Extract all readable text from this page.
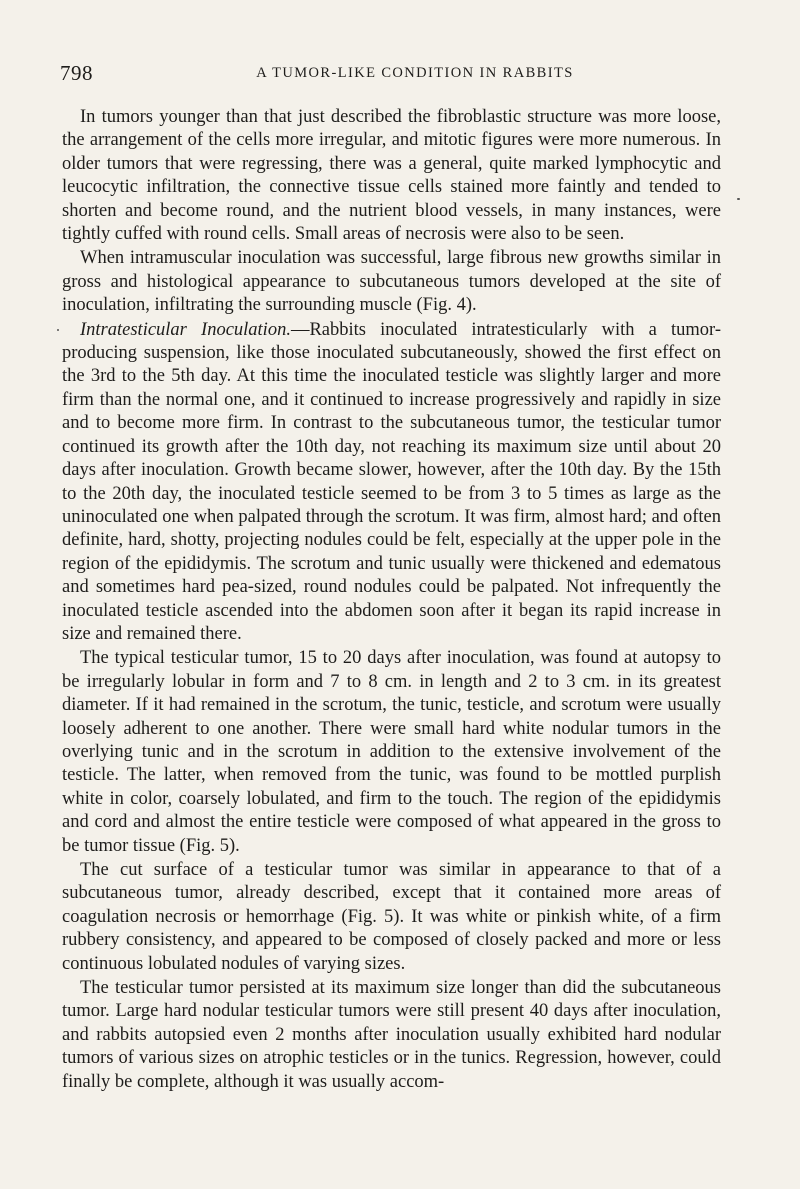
798	A TUMOR-LIKE CONDITION IN RABBITS

In tumors younger than that just described the fibroblastic structure was more loose, the arrangement of the cells more irregular, and mitotic figures were more numerous. In older tumors that were regressing, there was a general, quite marked lymphocytic and leucocytic infiltration, the connective tissue cells stained more faintly and tended to shorten and become round, and the nutrient blood vessels, in many instances, were tightly cuffed with round cells. Small areas of necrosis were also to be seen.

When intramuscular inoculation was successful, large fibrous new growths similar in gross and histological appearance to subcutaneous tumors developed at the site of inoculation, infiltrating the surrounding muscle (Fig. 4).

Intratesticular Inoculation.—Rabbits inoculated intratesticularly with a tumor-producing suspension, like those inoculated subcutaneously, showed the first effect on the 3rd to the 5th day. At this time the inoculated testicle was slightly larger and more firm than the normal one, and it continued to increase progressively and rapidly in size and to become more firm. In contrast to the subcutaneous tumor, the testicular tumor continued its growth after the 10th day, not reaching its maximum size until about 20 days after inoculation. Growth became slower, however, after the 10th day. By the 15th to the 20th day, the inoculated testicle seemed to be from 3 to 5 times as large as the uninoculated one when palpated through the scrotum. It was firm, almost hard; and often definite, hard, shotty, projecting nodules could be felt, especially at the upper pole in the region of the epididymis. The scrotum and tunic usually were thickened and edematous and sometimes hard pea-sized, round nodules could be palpated. Not infrequently the inoculated testicle ascended into the abdomen soon after it began its rapid increase in size and remained there.

The typical testicular tumor, 15 to 20 days after inoculation, was found at autopsy to be irregularly lobular in form and 7 to 8 cm. in length and 2 to 3 cm. in its greatest diameter. If it had remained in the scrotum, the tunic, testicle, and scrotum were usually loosely adherent to one another. There were small hard white nodular tumors in the overlying tunic and in the scrotum in addition to the extensive involvement of the testicle. The latter, when removed from the tunic, was found to be mottled purplish white in color, coarsely lobulated, and firm to the touch. The region of the epididymis and cord and almost the entire testicle were composed of what appeared in the gross to be tumor tissue (Fig. 5).

The cut surface of a testicular tumor was similar in appearance to that of a subcutaneous tumor, already described, except that it contained more areas of coagulation necrosis or hemorrhage (Fig. 5). It was white or pinkish white, of a firm rubbery consistency, and appeared to be composed of closely packed and more or less continuous lobulated nodules of varying sizes.

The testicular tumor persisted at its maximum size longer than did the subcutaneous tumor. Large hard nodular testicular tumors were still present 40 days after inoculation, and rabbits autopsied even 2 months after inoculation usually exhibited hard nodular tumors of various sizes on atrophic testicles or in the tunics. Regression, however, could finally be complete, although it was usually accom-
